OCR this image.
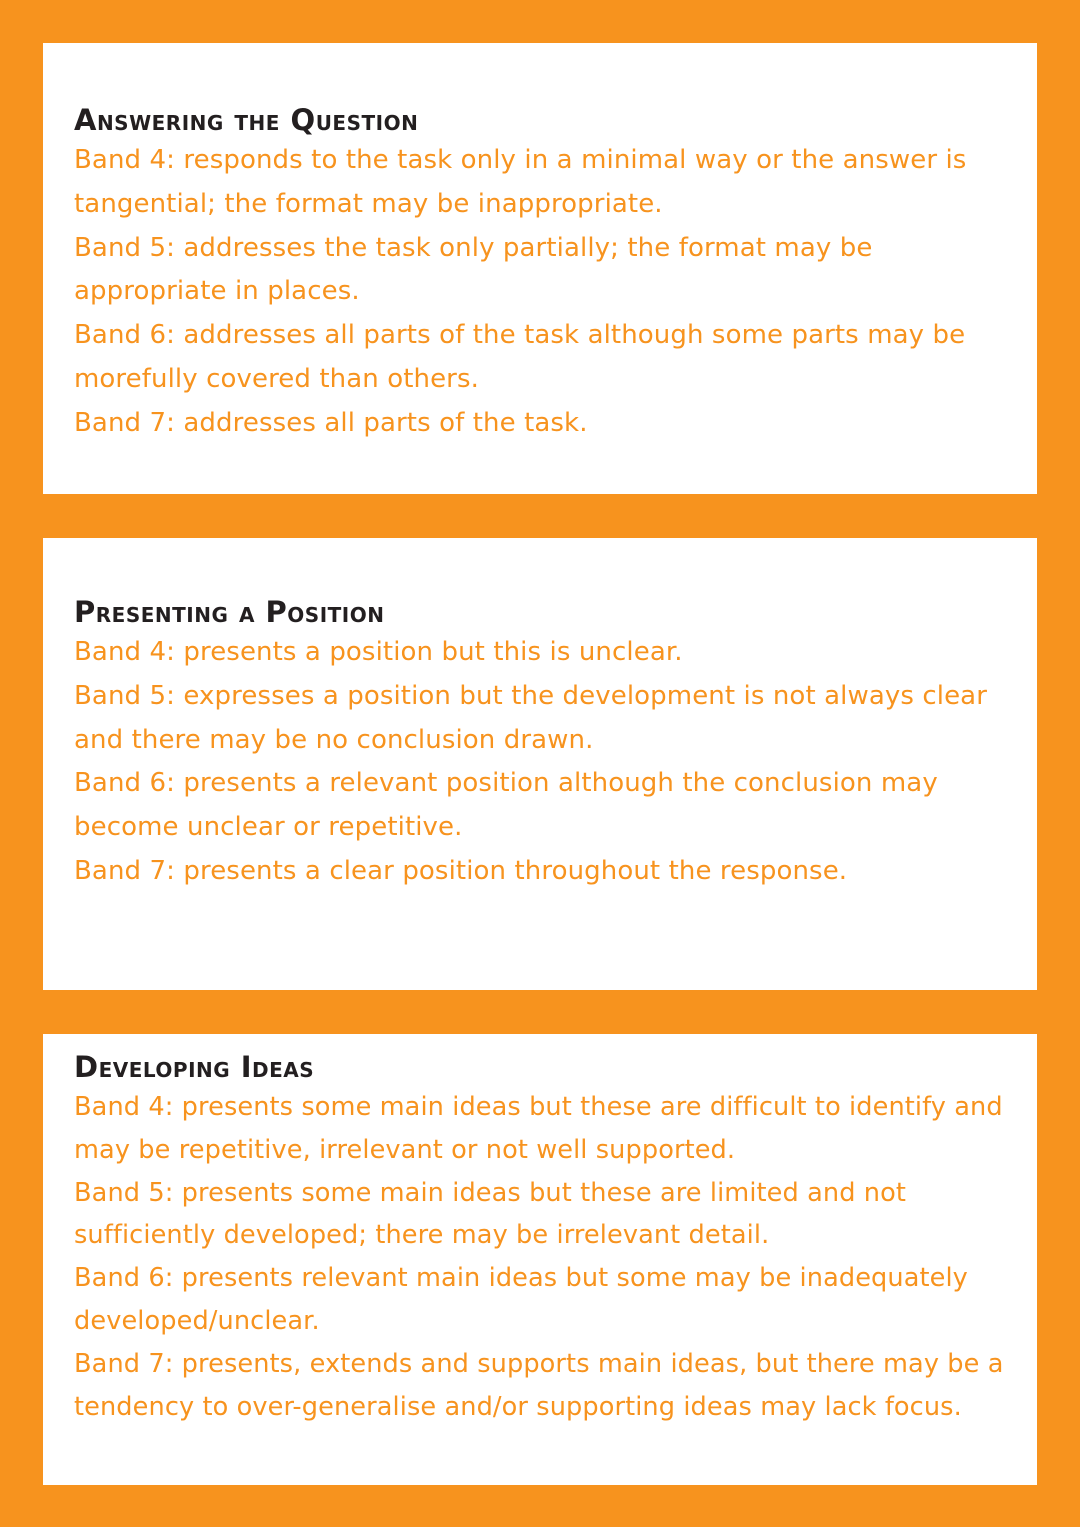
Answering the Question
Band 4: responds to the task only in a minimal way or the answer is tangential; the format may be inappropriate.
Band 5: addresses the task only partially; the format may be appropriate in places.
Band 6: addresses all parts of the task although some parts may be morefully covered than others.
Band 7: addresses all parts of the task.
Presenting a Position
Band 4: presents a position but this is unclear.
Band 5: expresses a position but the development is not always clear and there may be no conclusion drawn.
Band 6: presents a relevant position although the conclusion may become unclear or repetitive.
Band 7: presents a clear position throughout the response.
Developing Ideas
Band 4: presents some main ideas but these are difficult to identify and may be repetitive, irrelevant or not well supported.
Band 5: presents some main ideas but these are limited and not sufficiently developed; there may be irrelevant detail.
Band 6: presents relevant main ideas but some may be inadequately developed/unclear.
Band 7: presents, extends and supports main ideas, but there may be a tendency to over-generalise and/or supporting ideas may lack focus.
